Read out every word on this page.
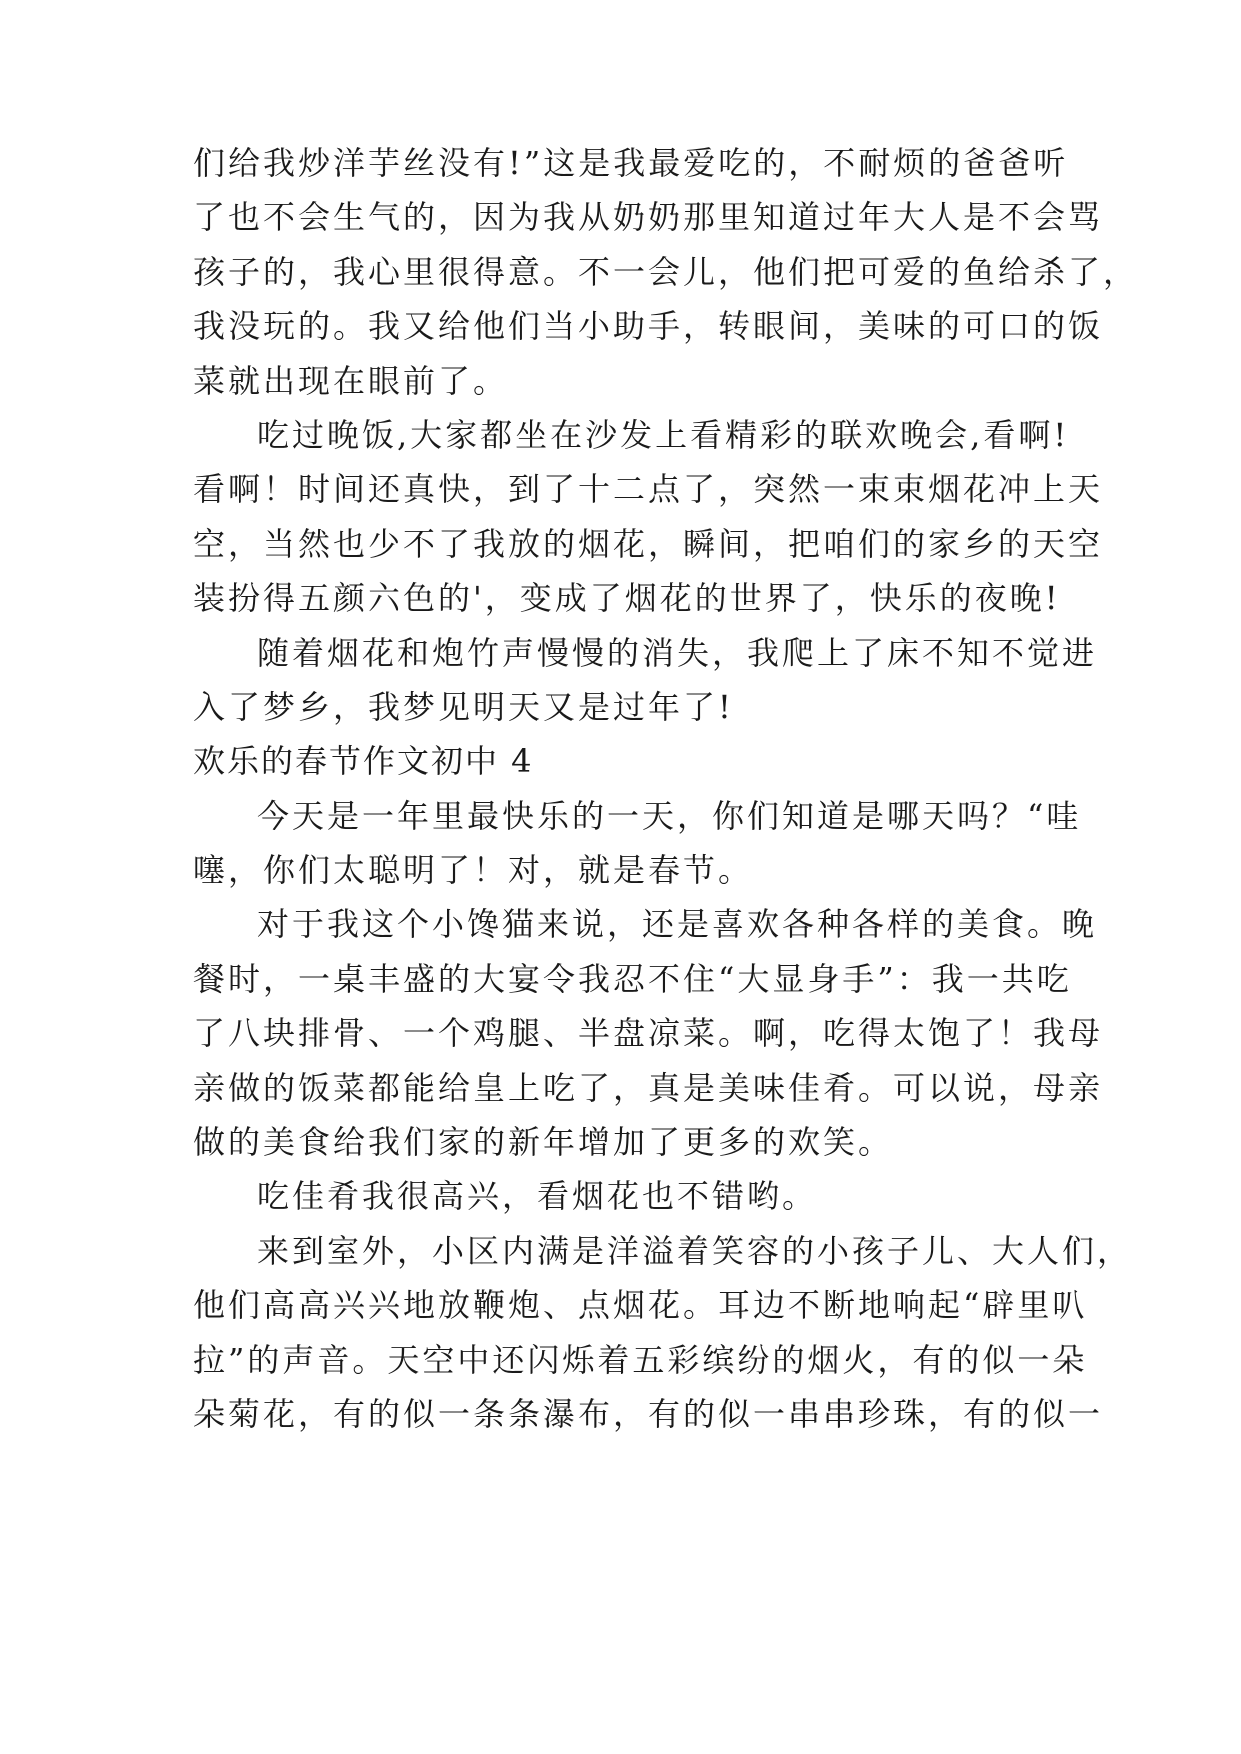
们给我炒洋芋丝没有!”这是我最爱吃的，不耐烦的爸爸听
了也不会生气的，因为我从奶奶那里知道过年大人是不会骂
孩子的，我心里很得意。不一会儿，他们把可爱的鱼给杀了，
我没玩的。我又给他们当小助手，转眼间，美味的可口的饭
菜就出现在眼前了。
吃过晚饭,大家都坐在沙发上看精彩的联欢晚会,看啊!
看啊！时间还真快，到了十二点了，突然一束束烟花冲上天
空，当然也少不了我放的烟花，瞬间，把咱们的家乡的天空
装扮得五颜六色的'，变成了烟花的世界了，快乐的夜晚!
随着烟花和炮竹声慢慢的消失，我爬上了床不知不觉进
入了梦乡，我梦见明天又是过年了!
欢乐的春节作文初中 4
今天是一年里最快乐的一天，你们知道是哪天吗？“哇
噻，你们太聪明了！对，就是春节。
对于我这个小馋猫来说，还是喜欢各种各样的美食。晚
餐时，一桌丰盛的大宴令我忍不住“大显身手”：我一共吃
了八块排骨、一个鸡腿、半盘凉菜。啊，吃得太饱了！我母
亲做的饭菜都能给皇上吃了，真是美味佳肴。可以说，母亲
做的美食给我们家的新年增加了更多的欢笑。
吃佳肴我很高兴，看烟花也不错哟。
来到室外，小区内满是洋溢着笑容的小孩子儿、大人们，
他们高高兴兴地放鞭炮、点烟花。耳边不断地响起“辟里叭
拉”的声音。天空中还闪烁着五彩缤纷的烟火，有的似一朵
朵菊花，有的似一条条瀑布，有的似一串串珍珠，有的似一
